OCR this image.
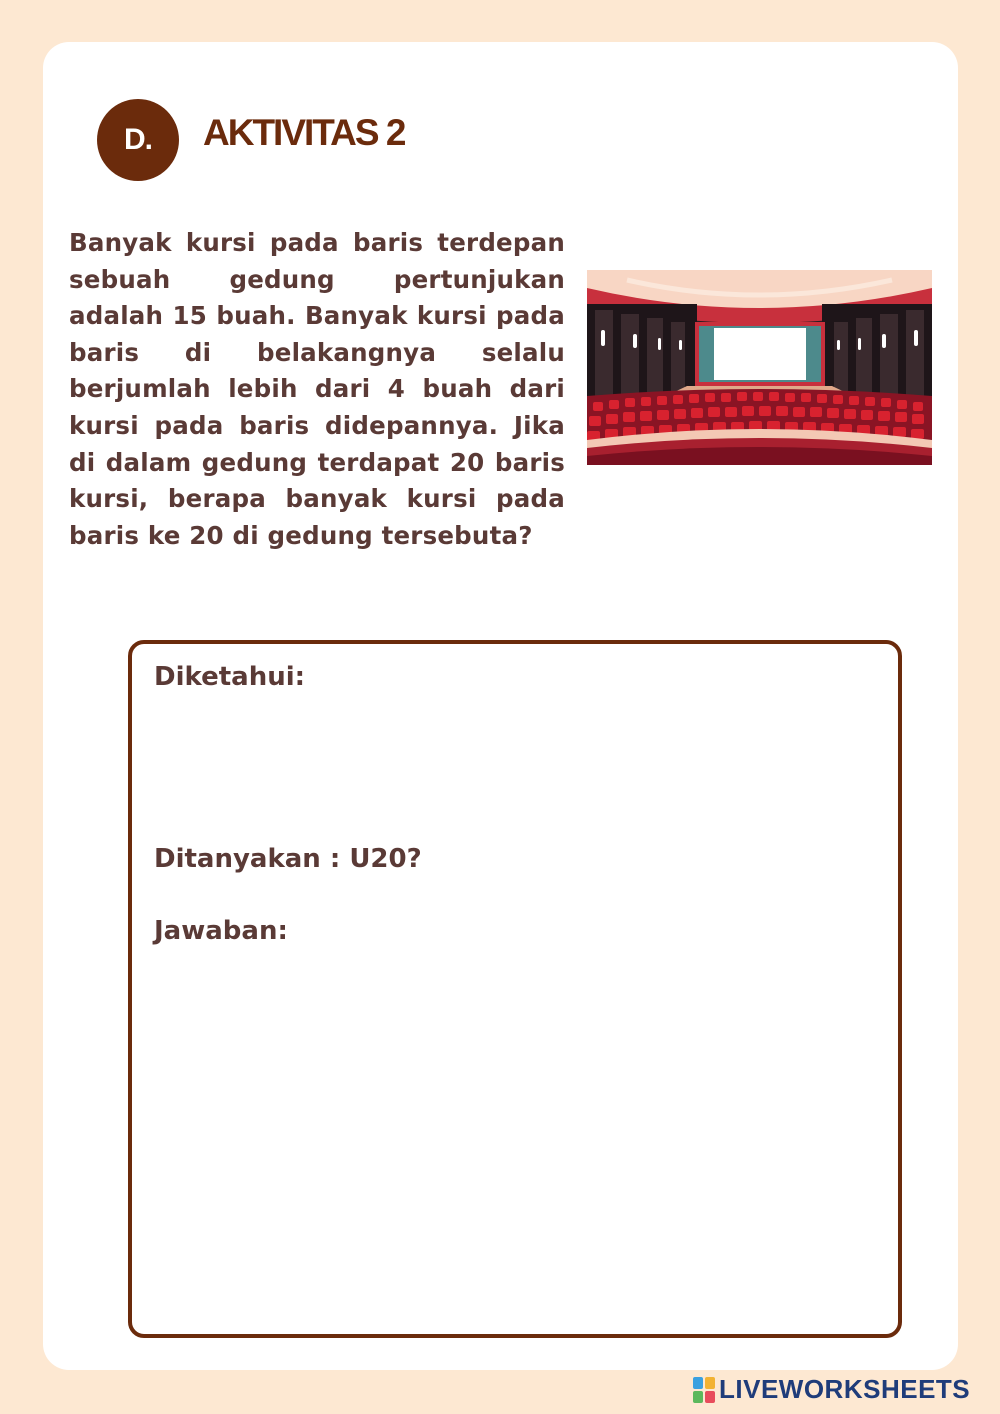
D.	AKTIVITAS 2

Banyak kursi pada baris terdepan sebuah gedung pertunjukan adalah 15 buah. Banyak kursi pada baris di belakangnya selalu berjumlah lebih dari 4 buah dari kursi pada baris didepannya. Jika di dalam gedung terdapat 20 baris kursi, berapa banyak kursi pada baris ke 20 di gedung tersebuta?

Diketahui:
Ditanyakan : U20?
Jawaban:
LIVEWORKSHEETS
